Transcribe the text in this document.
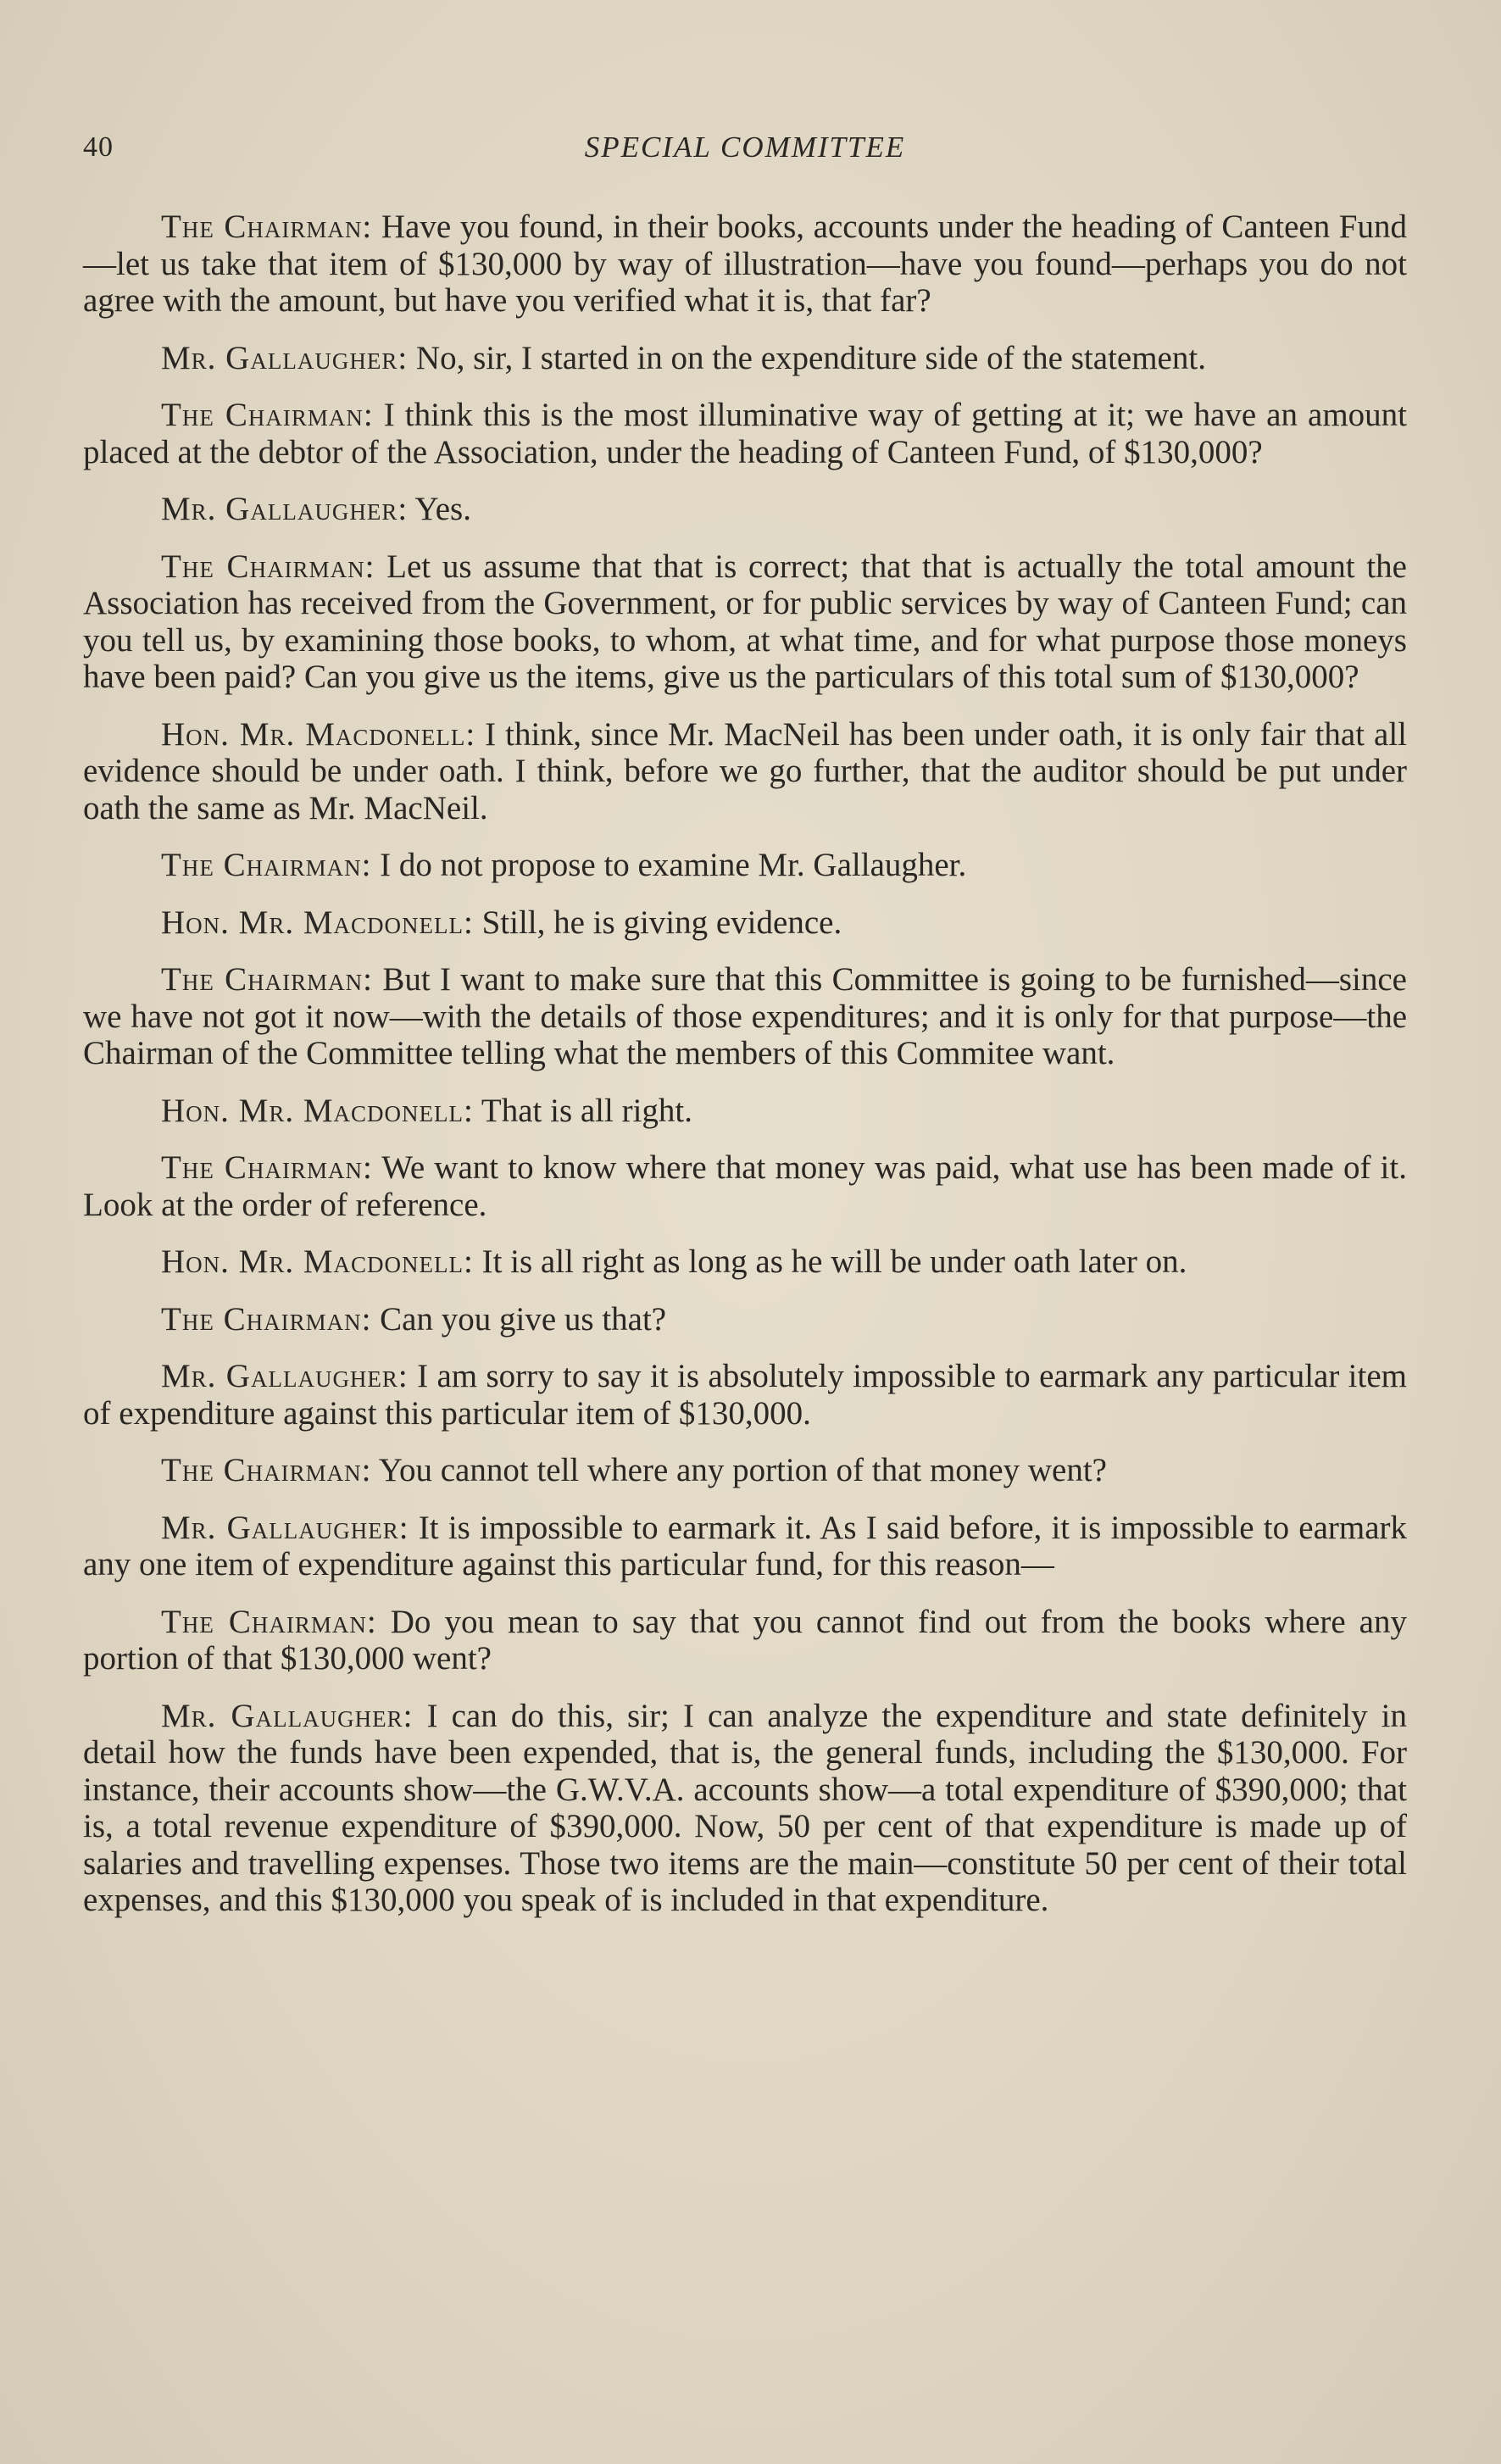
40	SPECIAL COMMITTEE

The Chairman: Have you found, in their books, accounts under the heading of Canteen Fund—let us take that item of $130,000 by way of illustration—have you found—perhaps you do not agree with the amount, but have you verified what it is, that far?

Mr. Gallaugher: No, sir, I started in on the expenditure side of the statement.

The Chairman: I think this is the most illuminative way of getting at it; we have an amount placed at the debtor of the Association, under the heading of Canteen Fund, of $130,000?

Mr. Gallaugher: Yes.

The Chairman: Let us assume that that is correct; that that is actually the total amount the Association has received from the Government, or for public services by way of Canteen Fund; can you tell us, by examining those books, to whom, at what time, and for what purpose those moneys have been paid? Can you give us the items, give us the particulars of this total sum of $130,000?

Hon. Mr. Macdonell: I think, since Mr. MacNeil has been under oath, it is only fair that all evidence should be under oath. I think, before we go further, that the auditor should be put under oath the same as Mr. MacNeil.

The Chairman: I do not propose to examine Mr. Gallaugher.

Hon. Mr. Macdonell: Still, he is giving evidence.

The Chairman: But I want to make sure that this Committee is going to be furnished—since we have not got it now—with the details of those expenditures; and it is only for that purpose—the Chairman of the Committee telling what the members of this Commitee want.

Hon. Mr. Macdonell: That is all right.

The Chairman: We want to know where that money was paid, what use has been made of it. Look at the order of reference.

Hon. Mr. Macdonell: It is all right as long as he will be under oath later on.

The Chairman: Can you give us that?

Mr. Gallaugher: I am sorry to say it is absolutely impossible to earmark any particular item of expenditure against this particular item of $130,000.

The Chairman: You cannot tell where any portion of that money went?

Mr. Gallaugher: It is impossible to earmark it. As I said before, it is impossible to earmark any one item of expenditure against this particular fund, for this reason—

The Chairman: Do you mean to say that you cannot find out from the books where any portion of that $130,000 went?

Mr. Gallaugher: I can do this, sir; I can analyze the expenditure and state definitely in detail how the funds have been expended, that is, the general funds, including the $130,000. For instance, their accounts show—the G.W.V.A. accounts show—a total expenditure of $390,000; that is, a total revenue expenditure of $390,000. Now, 50 per cent of that expenditure is made up of salaries and travelling expenses. Those two items are the main—constitute 50 per cent of their total expenses, and this $130,000 you speak of is included in that expenditure.
